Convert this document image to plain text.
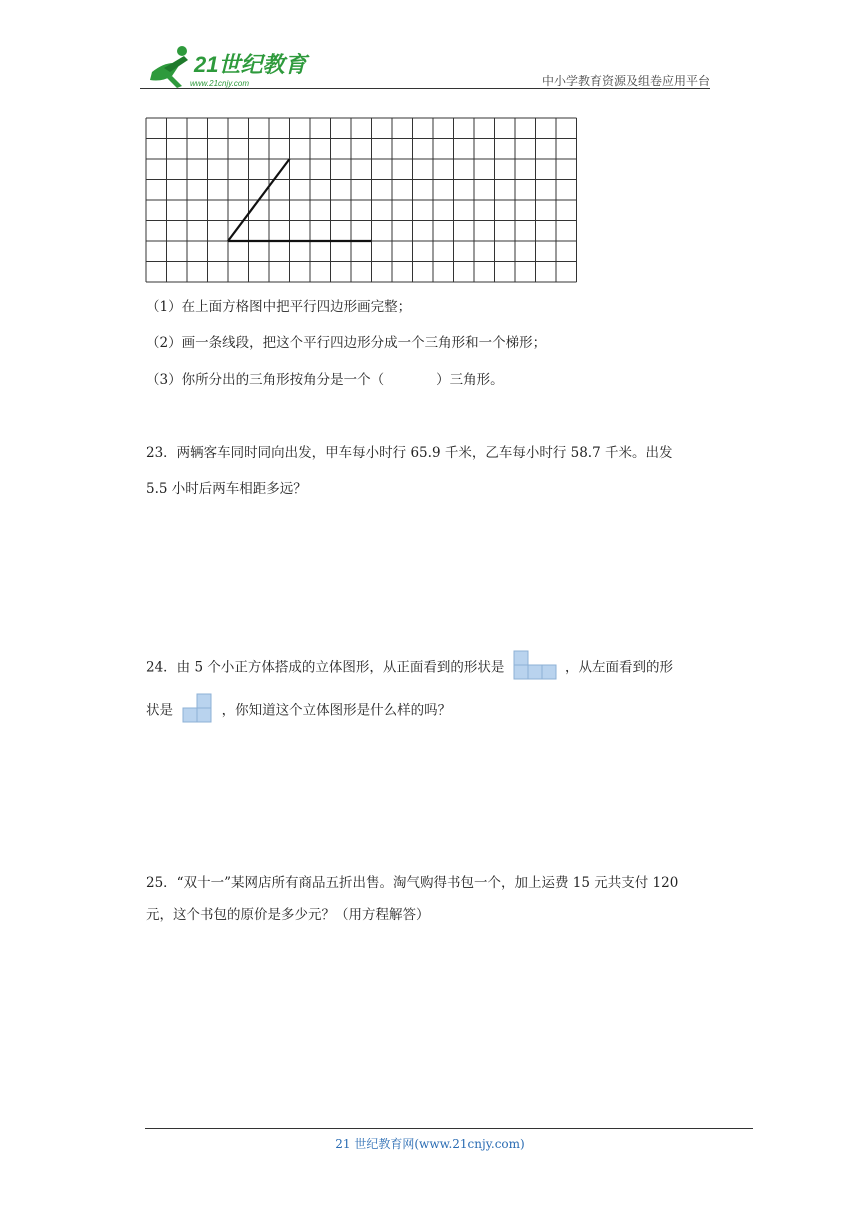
21世纪教育
www.21cnjy.com	中小学教育资源及组卷应用平台
（1）在上面方格图中把平行四边形画完整；
（2）画一条线段，把这个平行四边形分成一个三角形和一个梯形；
（3）你所分出的三角形按角分是一个（	）三角形。
23．两辆客车同时同向出发，甲车每小时行 65.9 千米，乙车每小时行 58.7 千米。出发
5.5 小时后两车相距多远？
24．由 5 个小正方体搭成的立体图形，从正面看到的形状是	，从左面看到的形
状是	，你知道这个立体图形是什么样的吗？
25．“双十一”某网店所有商品五折出售。淘气购得书包一个，加上运费 15 元共支付 120
元，这个书包的原价是多少元？（用方程解答）
21 世纪教育网(www.21cnjy.com)
